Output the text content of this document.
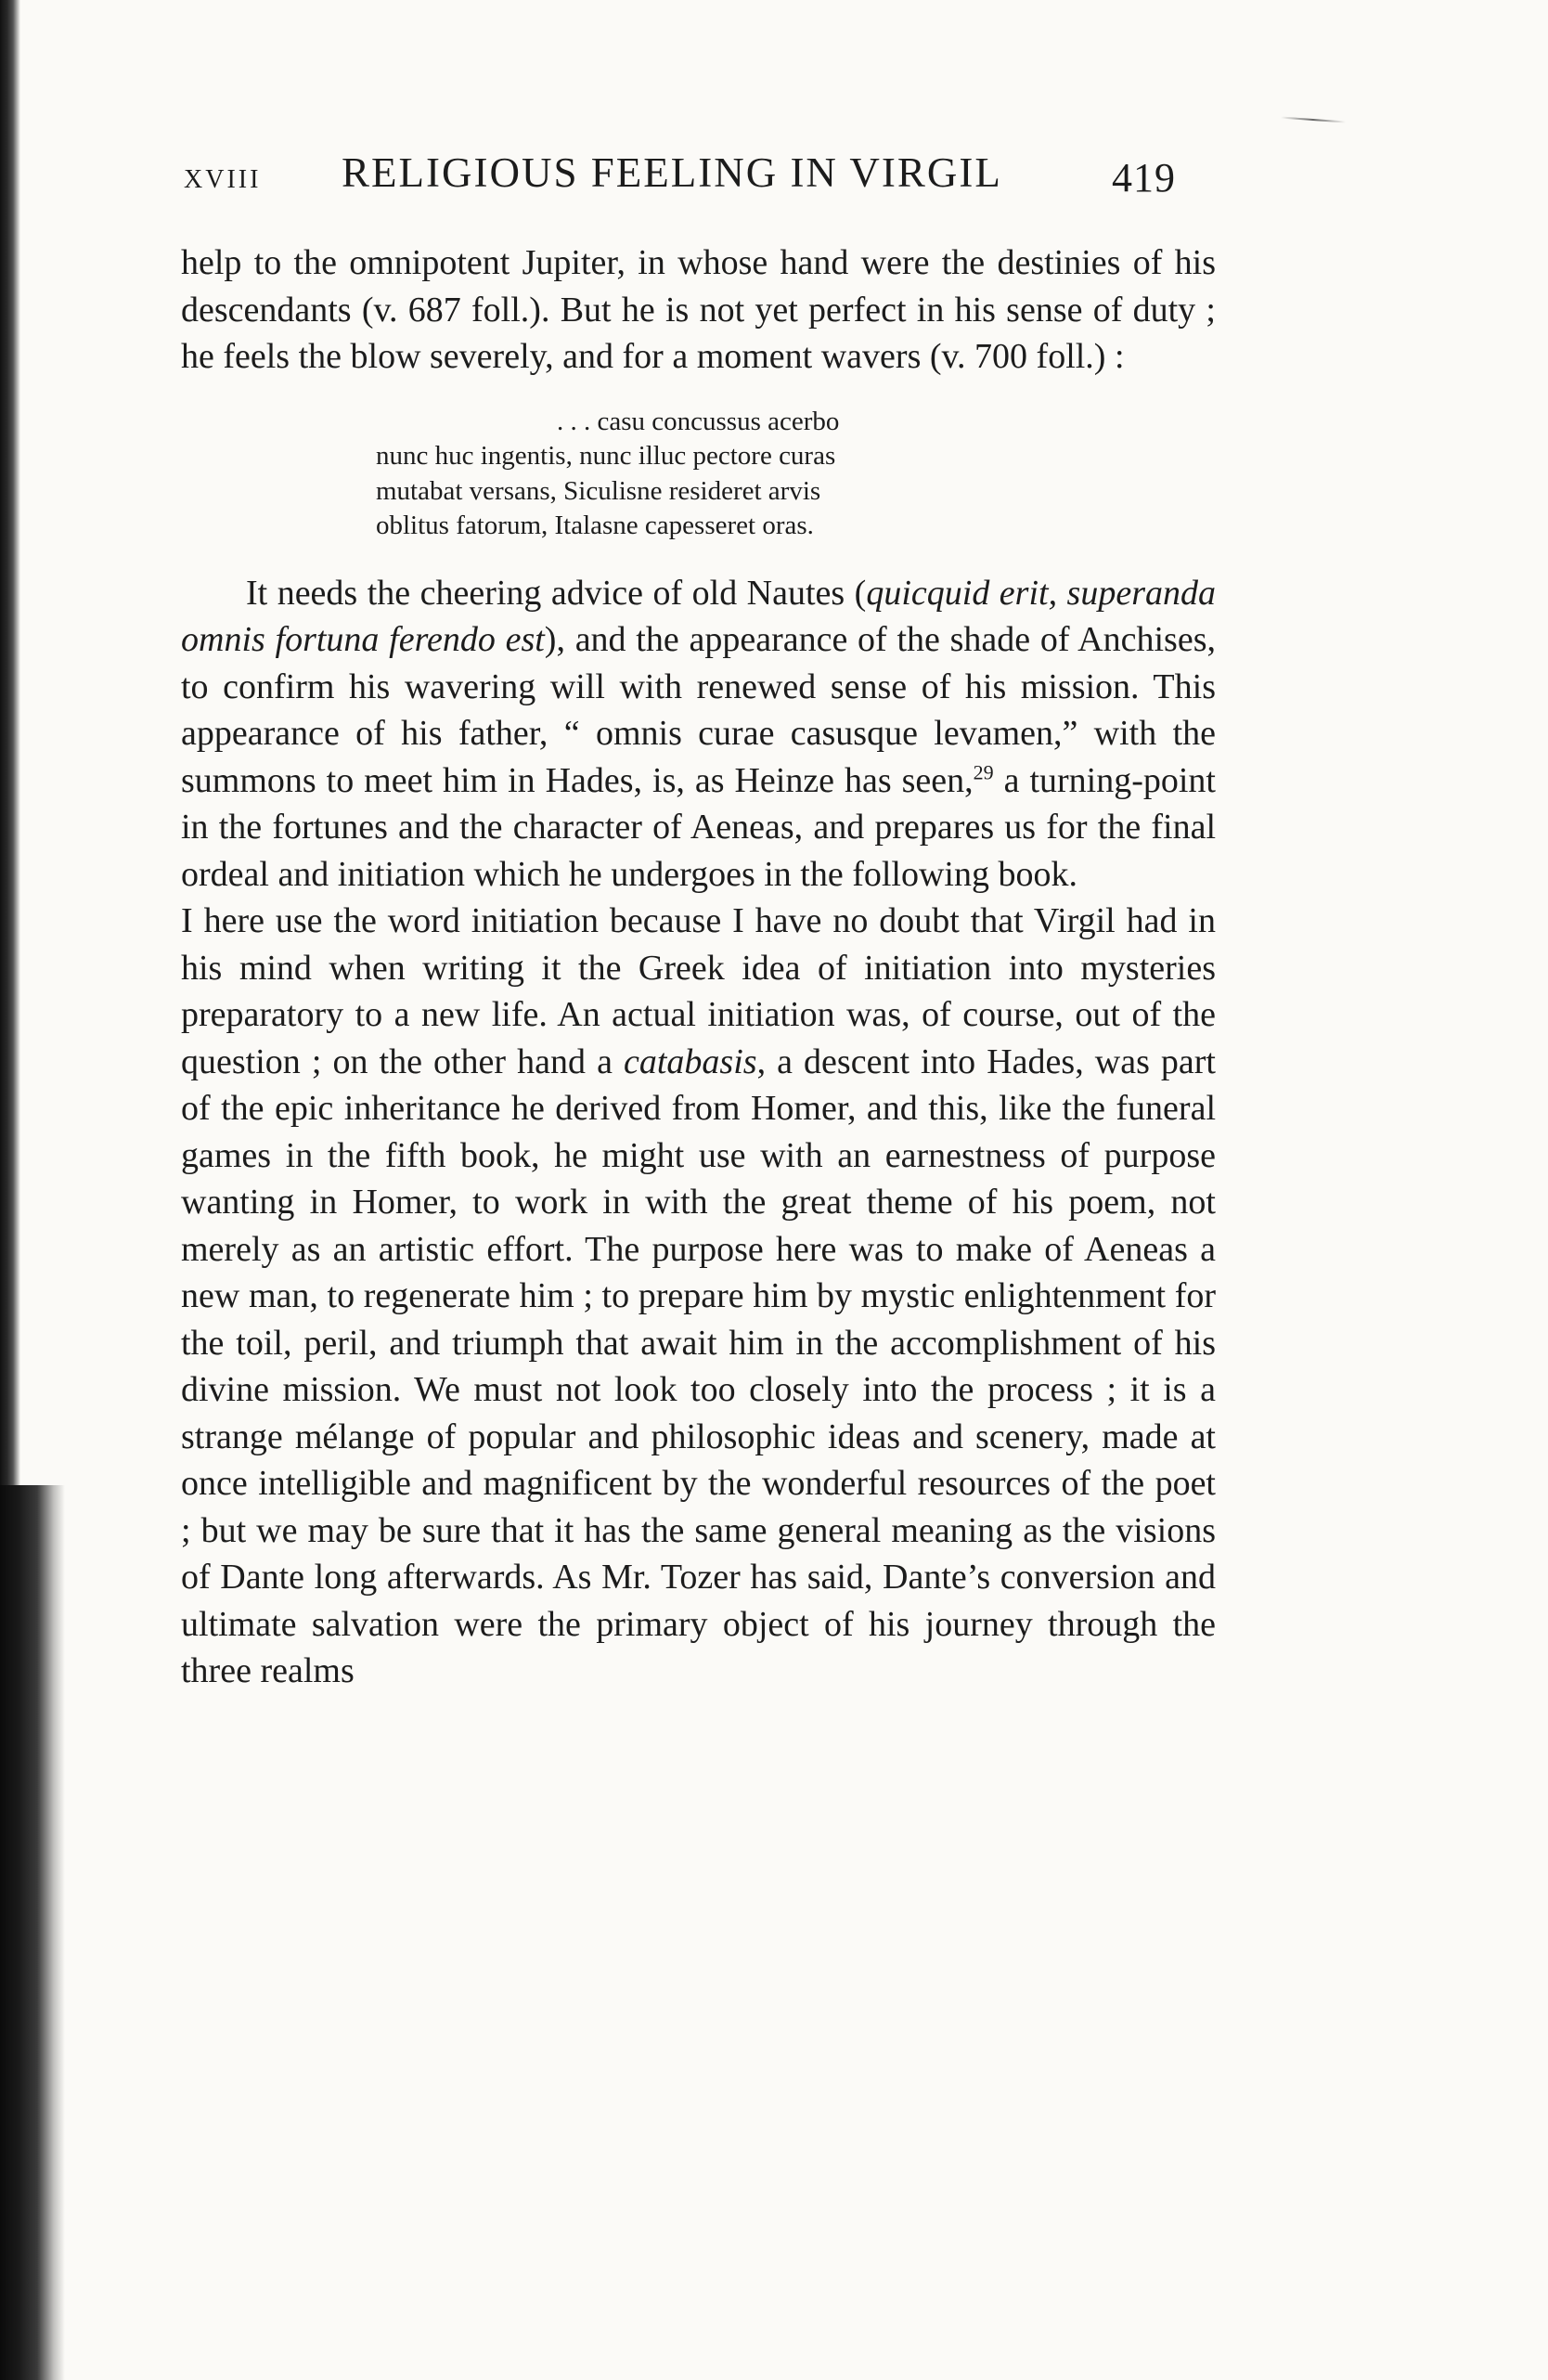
XVIII RELIGIOUS FEELING IN VIRGIL	419

help to the omnipotent Jupiter, in whose hand were the destinies of his descendants (v. 687 foll.). But he is not yet perfect in his sense of duty ; he feels the blow severely, and for a moment wavers (v. 700 foll.) :

. . . casu concussus acerbo
nunc huc ingentis, nunc illuc pectore curas
mutabat versans, Siculisne resideret arvis
oblitus fatorum, Italasne capesseret oras.

It needs the cheering advice of old Nautes (quicquid erit, superanda omnis fortuna ferendo est), and the appearance of the shade of Anchises, to confirm his wavering will with renewed sense of his mission. This appearance of his father, “ omnis curae casusque levamen,” with the summons to meet him in Hades, is, as Heinze has seen,$^{29}$ a turning-point in the fortunes and the character of Aeneas, and prepares us for the final ordeal and initiation which he undergoes in the following book.

I here use the word initiation because I have no doubt that Virgil had in his mind when writing it the Greek idea of initiation into mysteries preparatory to a new life. An actual initiation was, of course, out of the question ; on the other hand a catabasis, a descent into Hades, was part of the epic inheritance he derived from Homer, and this, like the funeral games in the fifth book, he might use with an earnestness of purpose wanting in Homer, to work in with the great theme of his poem, not merely as an artistic effort. The purpose here was to make of Aeneas a new man, to regenerate him ; to prepare him by mystic enlightenment for the toil, peril, and triumph that await him in the accomplishment of his divine mission. We must not look too closely into the process ; it is a strange mélange of popular and philosophic ideas and scenery, made at once intelligible and magnificent by the wonderful resources of the poet ; but we may be sure that it has the same general meaning as the visions of Dante long afterwards. As Mr. Tozer has said, Dante’s conversion and ultimate salvation were the primary object of his journey through the three realms
